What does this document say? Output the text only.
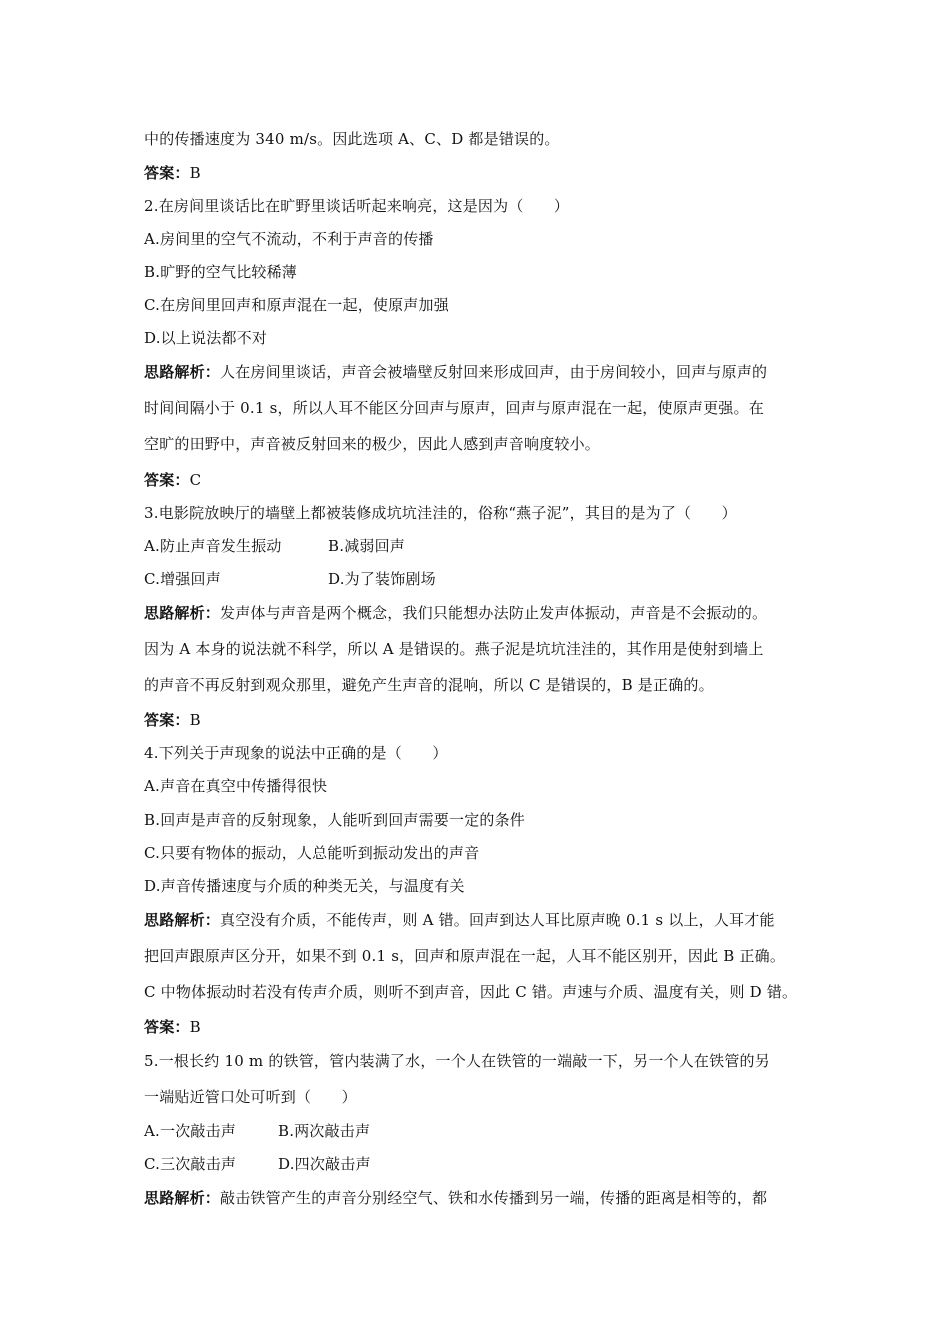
中的传播速度为 340 m/s。因此选项 A、C、D 都是错误的。
答案：B
2.在房间里谈话比在旷野里谈话听起来响亮，这是因为（　　）
A.房间里的空气不流动，不利于声音的传播
B.旷野的空气比较稀薄
C.在房间里回声和原声混在一起，使原声加强
D.以上说法都不对
思路解析：人在房间里谈话，声音会被墙壁反射回来形成回声，由于房间较小，回声与原声的
时间间隔小于 0.1 s，所以人耳不能区分回声与原声，回声与原声混在一起，使原声更强。在
空旷的田野中，声音被反射回来的极少，因此人感到声音响度较小。
答案：C
3.电影院放映厅的墙壁上都被装修成坑坑洼洼的，俗称“燕子泥”，其目的是为了（　　）
A.防止声音发生振动	B.减弱回声
C.增强回声	D.为了装饰剧场
思路解析：发声体与声音是两个概念，我们只能想办法防止发声体振动，声音是不会振动的。
因为 A 本身的说法就不科学，所以 A 是错误的。燕子泥是坑坑洼洼的，其作用是使射到墙上
的声音不再反射到观众那里，避免产生声音的混响，所以 C 是错误的，B 是正确的。
答案：B
4.下列关于声现象的说法中正确的是（　　）
A.声音在真空中传播得很快
B.回声是声音的反射现象，人能听到回声需要一定的条件
C.只要有物体的振动，人总能听到振动发出的声音
D.声音传播速度与介质的种类无关，与温度有关
思路解析：真空没有介质，不能传声，则 A 错。回声到达人耳比原声晚 0.1 s 以上，人耳才能
把回声跟原声区分开，如果不到 0.1 s，回声和原声混在一起，人耳不能区别开，因此 B 正确。
C 中物体振动时若没有传声介质，则听不到声音，因此 C 错。声速与介质、温度有关，则 D 错。
答案：B
5.一根长约 10 m 的铁管，管内装满了水，一个人在铁管的一端敲一下，另一个人在铁管的另
一端贴近管口处可听到（　　）
A.一次敲击声	B.两次敲击声
C.三次敲击声	D.四次敲击声
思路解析：敲击铁管产生的声音分别经空气、铁和水传播到另一端，传播的距离是相等的，都
